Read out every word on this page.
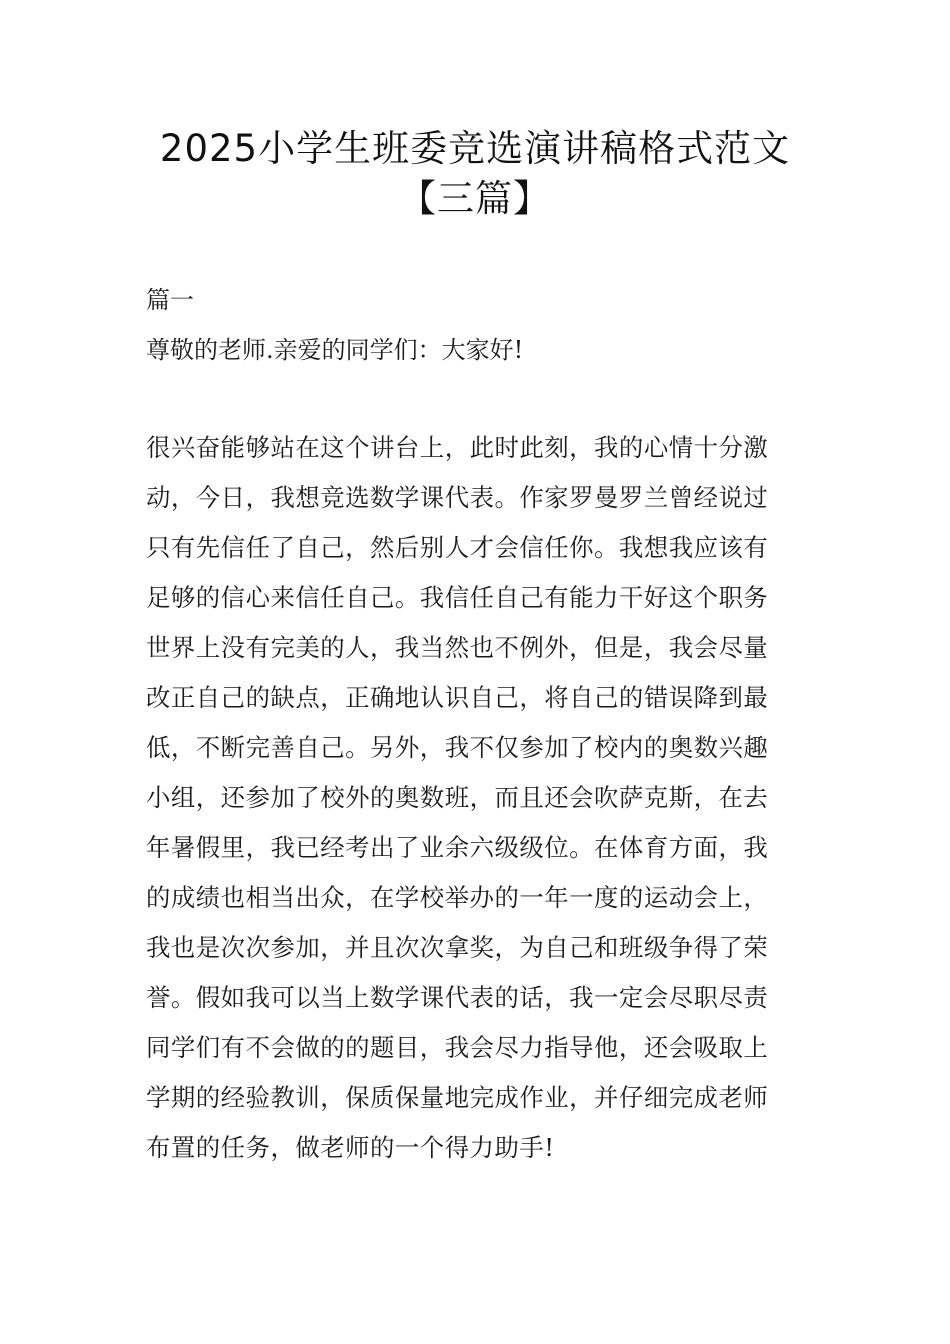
2025小学生班委竞选演讲稿格式范文【三篇】

篇一

尊敬的老师.亲爱的同学们：大家好!

很兴奋能够站在这个讲台上，此时此刻，我的心情十分激
动，今日，我想竞选数学课代表。作家罗曼罗兰曾经说过
只有先信任了自己，然后别人才会信任你。我想我应该有
足够的信心来信任自己。我信任自己有能力干好这个职务
世界上没有完美的人，我当然也不例外，但是，我会尽量
改正自己的缺点，正确地认识自己，将自己的错误降到最
低，不断完善自己。另外，我不仅参加了校内的奥数兴趣
小组，还参加了校外的奥数班，而且还会吹萨克斯，在去
年暑假里，我已经考出了业余六级级位。在体育方面，我
的成绩也相当出众，在学校举办的一年一度的运动会上，
我也是次次参加，并且次次拿奖，为自己和班级争得了荣
誉。假如我可以当上数学课代表的话，我一定会尽职尽责
同学们有不会做的的题目，我会尽力指导他，还会吸取上
学期的经验教训，保质保量地完成作业，并仔细完成老师
布置的任务，做老师的一个得力助手!
